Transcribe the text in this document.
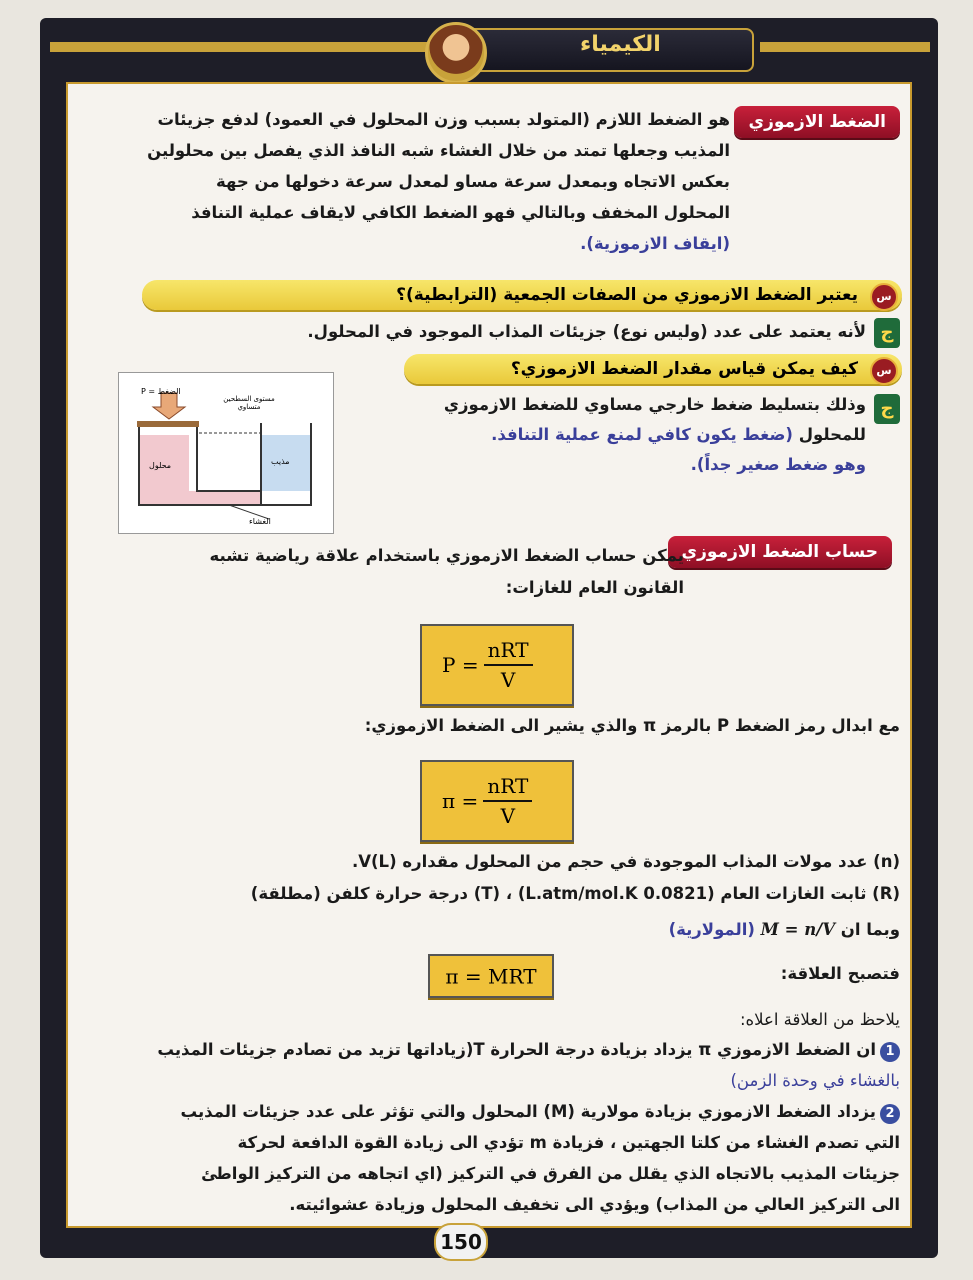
الكيمياء
الضغط الازموزي
هو الضغط اللازم (المتولد بسبب وزن المحلول في العمود) لدفع جزيئات
المذيب وجعلها تمتد من خلال الغشاء شبه النافذ الذي يفصل بين محلولين
بعكس الاتجاه وبمعدل سرعة مساو لمعدل سرعة دخولها من جهة
المحلول المخفف وبالتالي فهو الضغط الكافي لايقاف عملية التنافذ
(ايقاف الازموزية).
س
يعتبر الضغط الازموزي من الصفات الجمعية (الترابطية)؟
ج
لأنه يعتمد على عدد (وليس نوع) جزيئات المذاب الموجود في المحلول.
P = الضغط
مستوى السطحين متساوي
محلول	مذيب
الغشاء
س
كيف يمكن قياس مقدار الضغط الازموزي؟
ج
وذلك بتسليط ضغط خارجي مساوي للضغط الازموزي
للمحلول (ضغط يكون كافي لمنع عملية التنافذ.
وهو ضغط صغير جداً).
حساب الضغط الازموزي
يمكن حساب الضغط الازموزي باستخدام علاقة رياضية تشبه
القانون العام للغازات:
$P = \frac{\text{nRT}}{V}$
مع ابدال رمز الضغط P بالرمز π والذي يشير الى الضغط الازموزي:
$\pi = \frac{\text{nRT}}{V}$
(n) عدد مولات المذاب الموجودة في حجم من المحلول مقداره V(L).
(R) ثابت الغازات العام (0.0821 L.atm/mol.K) ، (T) درجة حرارة كلفن (مطلقة)
وبما ان M = n/V (المولارية)
فتصبح العلاقة:
π = MRT
يلاحظ من العلاقة اعلاه:
1ان الضغط الازموزي π يزداد بزيادة درجة الحرارة T(زياداتها تزيد من تصادم جزيئات المذيب
بالغشاء في وحدة الزمن)
2يزداد الضغط الازموزي بزيادة مولارية (M) المحلول والتي تؤثر على عدد جزيئات المذيب
التي تصدم الغشاء من كلتا الجهتين ، فزيادة m تؤدي الى زيادة القوة الدافعة لحركة
جزيئات المذيب بالاتجاه الذي يقلل من الفرق في التركيز (اي اتجاهه من التركيز الواطئ
الى التركيز العالي من المذاب) ويؤدي الى تخفيف المحلول وزيادة عشوائيته.
150
